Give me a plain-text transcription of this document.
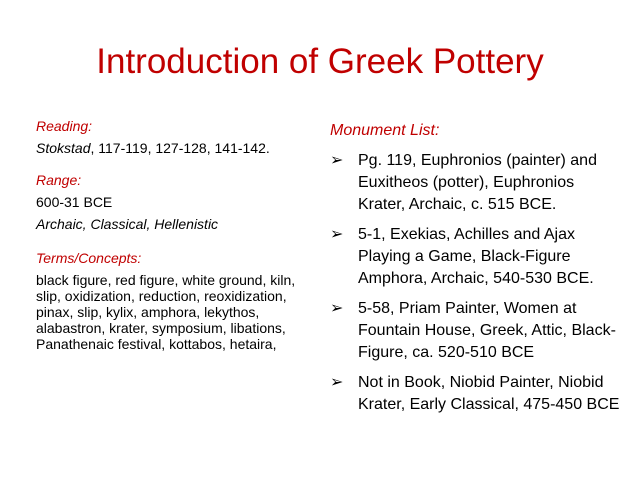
Introduction of Greek Pottery
Reading:
Stokstad, 117-119, 127-128, 141-142.
Range:
600-31 BCE
Archaic, Classical, Hellenistic
Terms/Concepts:
black figure, red figure, white ground, kiln, slip, oxidization, reduction, reoxidization, pinax, slip, kylix, amphora, lekythos, alabastron, krater, symposium, libations, Panathenaic festival, kottabos, hetaira,
Monument List:
➢ Pg. 119, Euphronios (painter) and Euxitheos (potter), Euphronios Krater, Archaic, c. 515 BCE.
➢ 5-1, Exekias, Achilles and Ajax Playing a Game, Black-Figure Amphora, Archaic, 540-530 BCE.
➢ 5-58, Priam Painter, Women at Fountain House, Greek, Attic, Black-Figure, ca. 520-510 BCE
➢ Not in Book, Niobid Painter, Niobid Krater, Early Classical, 475-450 BCE
